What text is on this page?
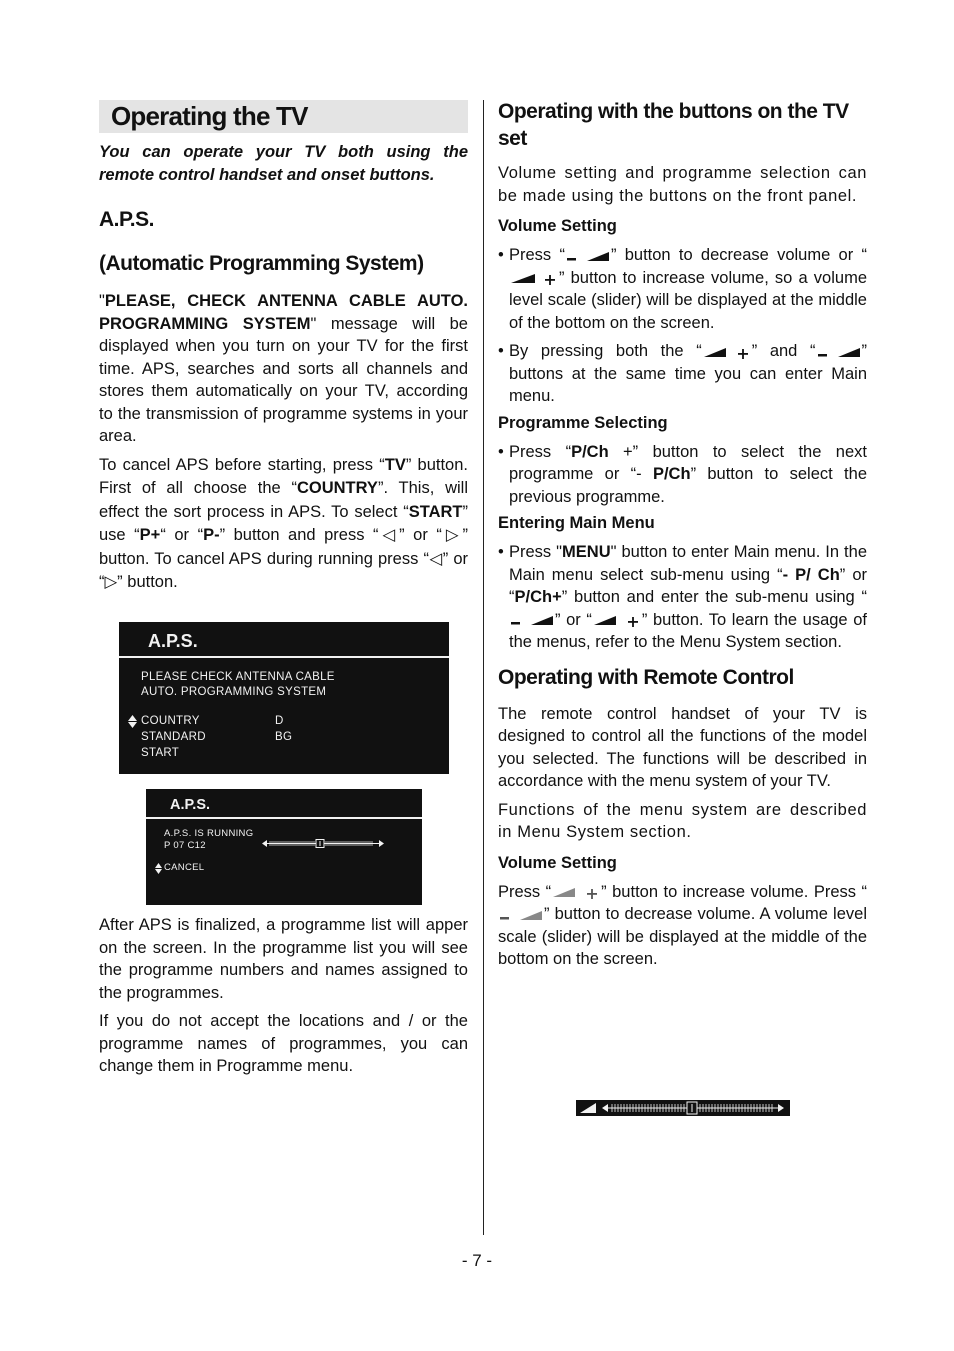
Operating the TV
You can operate your TV both using the remote control handset and onset buttons.
A.P.S.
(Automatic Programming System)

"PLEASE, CHECK ANTENNA CABLE AUTO. PROGRAMMING SYSTEM" message will be displayed when you turn on your TV for the first time. APS, searches and sorts all channels and stores them automatically on your TV, according to the transmission of programme systems in your area.

To cancel APS before starting, press “TV” button. First of all choose the “COUNTRY”. This, will effect the sort process in APS. To select “START” use “P+“ or “P-” button and press “◁” or “▷” button. To cancel APS during running press “◁” or “▷” button.

A.P.S.
PLEASE CHECK ANTENNA CABLE
AUTO. PROGRAMMING SYSTEM
COUNTRY	D
STANDARD	BG
START
A.P.S.
A.P.S. IS RUNNING
P 07 C12
CANCEL

After APS is finalized, a programme list will apper on the screen. In the programme list you will see the programme numbers and names assigned to the programmes.

If you do not accept the locations and / or the programme names of programmes, you can change them in Programme menu.

Operating with the buttons on the TV set

Volume setting and programme selection can be made using the buttons on the front panel.

Volume Setting
• Press “	” button to decrease volume or “” button to increase volume, so a volume level scale (slider) will be displayed at the middle of the bottom on the screen.
• By pressing both the “	” and “	” buttons at the same time you can enter Main menu.
Programme Selecting
• Press “P/Ch +” button to select the next programme or “- P/Ch” button to select the previous programme.
Entering Main Menu
• Press "MENU" button to enter Main menu. In the Main menu select sub-menu using “- P/ Ch” or “P/Ch+” button and enter the sub-menu using “” or “	” button. To learn the usage of the menus, refer to the Menu System section.
Operating with Remote Control

The remote control handset of your TV is designed to control all the functions of the model you selected. The functions will be described in accordance with the menu system of your TV.

Functions of the menu system are described in Menu System section.

Volume Setting

Press “	” button to increase volume. Press “” button to decrease volume. A volume level scale (slider) will be displayed at the middle of the bottom on the screen.

- 7 -
